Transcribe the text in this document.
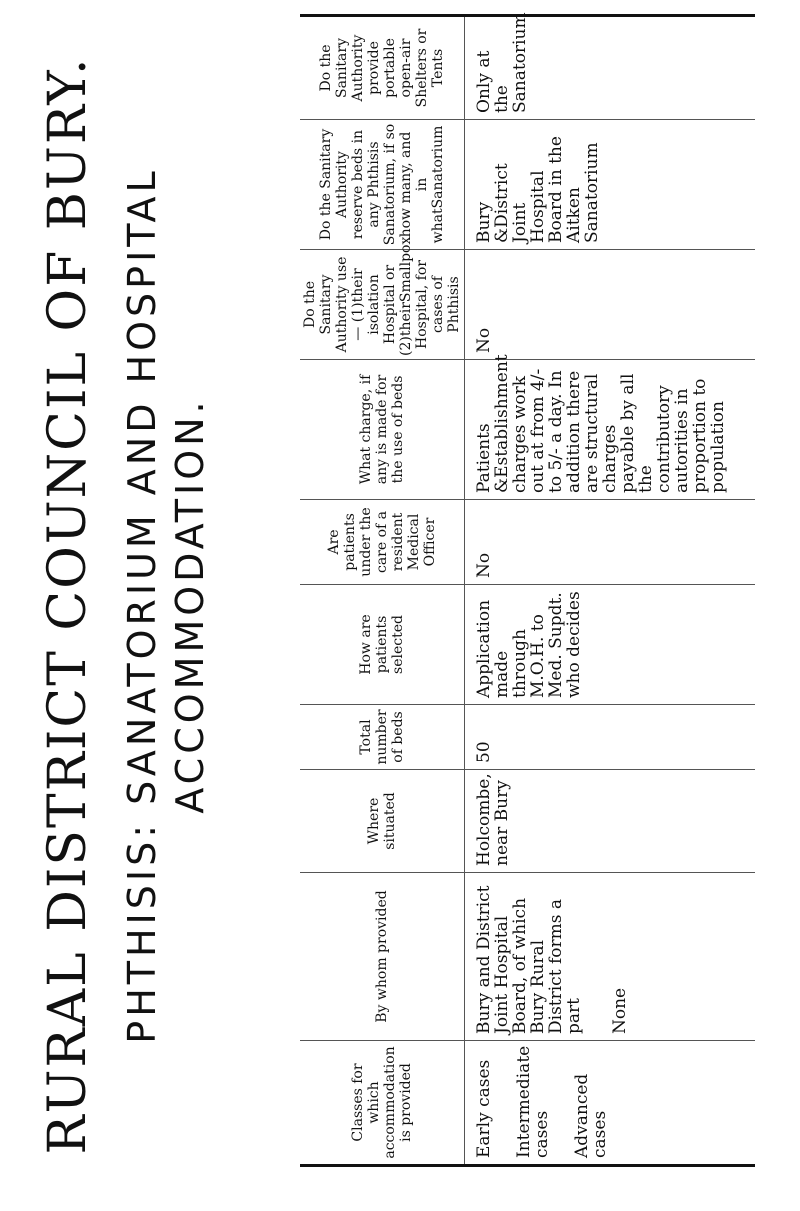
RURAL DISTRICT COUNCIL OF BURY. PHTHISIS: SANATORIUM AND HOSPITAL ACCOMMODATION.
Classes for which accommodation is provided	By whom provided	Where situated	Total number of beds	How are patients selected	Are patients under the care of a resident Medical Officer	What charge, if any is made for the use of beds	Do the Sanitary Authority use— (1)their isolation Hospital or (2)theirSmallpox Hospital, for cases of Phthisis	Do the Sanitary Authority reserve beds in any Phthisis Sanatorium, if so how many, and in whatSanatorium	Do the Sanitary Authority provide portable open-air Shelters or Tents

Early cases Intermediate cases Advanced cases	Bury and District Joint Hospital Board, of which Bury Rural District forms a part None	Holcombe, near Bury	50	Application made through M.O.H. to Med. Supdt. who decides	No	Patients &Establishment charges work out at from 4/- to 5/- a day. In addition there are structural charges payable by all the contributory autorities in proportion to population	No	Bury &District Joint Hospital Board in the Aitken Sanatorium	Only at the Sanatorium
